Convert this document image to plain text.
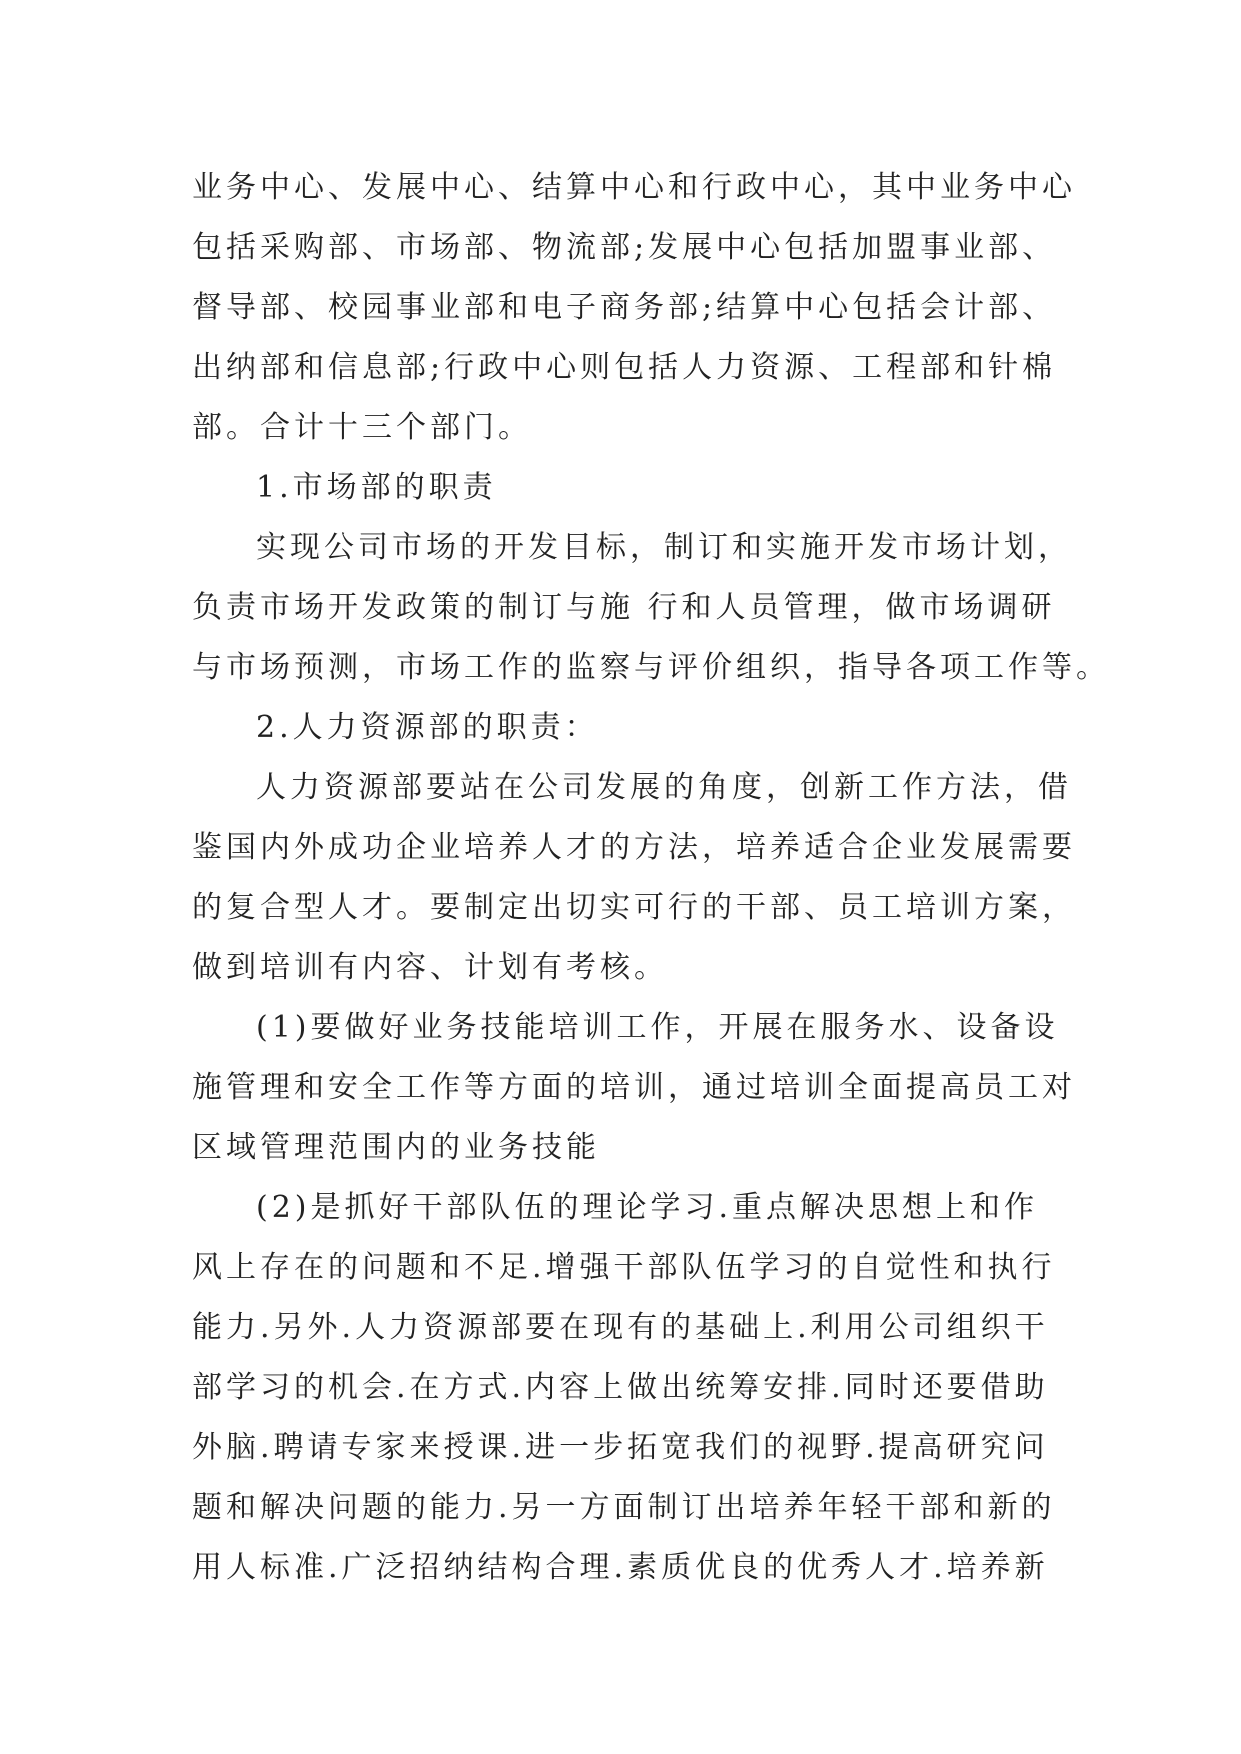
业务中心、发展中心、结算中心和行政中心，其中业务中心
包括采购部、市场部、物流部;发展中心包括加盟事业部、
督导部、校园事业部和电子商务部;结算中心包括会计部、
出纳部和信息部;行政中心则包括人力资源、工程部和针棉
部。合计十三个部门。
1.市场部的职责
实现公司市场的开发目标，制订和实施开发市场计划，
负责市场开发政策的制订与施 行和人员管理，做市场调研
与市场预测，市场工作的监察与评价组织，指导各项工作等。
2.人力资源部的职责：
人力资源部要站在公司发展的角度，创新工作方法，借
鉴国内外成功企业培养人才的方法，培养适合企业发展需要
的复合型人才。要制定出切实可行的干部、员工培训方案，
做到培训有内容、计划有考核。
(1)要做好业务技能培训工作，开展在服务水、设备设
施管理和安全工作等方面的培训，通过培训全面提高员工对
区域管理范围内的业务技能
(2)是抓好干部队伍的理论学习.重点解决思想上和作
风上存在的问题和不足.增强干部队伍学习的自觉性和执行
能力.另外.人力资源部要在现有的基础上.利用公司组织干
部学习的机会.在方式.内容上做出统筹安排.同时还要借助
外脑.聘请专家来授课.进一步拓宽我们的视野.提高研究问
题和解决问题的能力.另一方面制订出培养年轻干部和新的
用人标准.广泛招纳结构合理.素质优良的优秀人才.培养新
